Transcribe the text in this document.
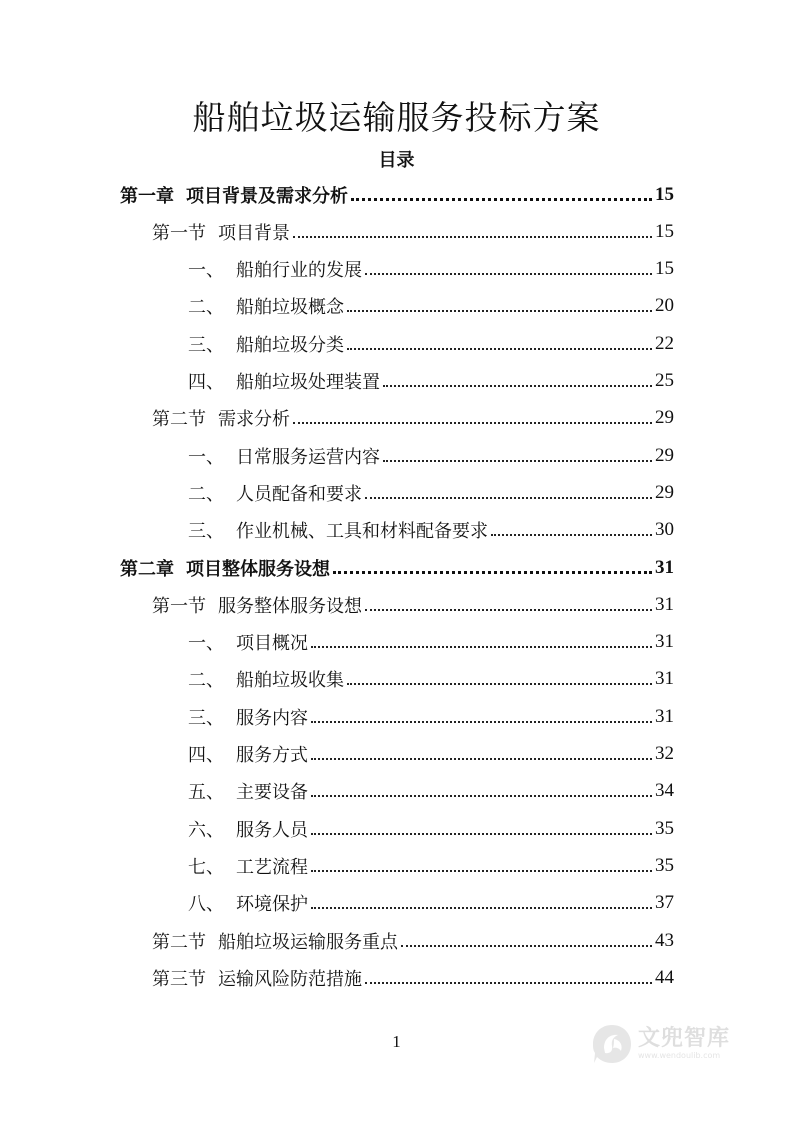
船舶垃圾运输服务投标方案
目录
第一章 项目背景及需求分析	15
第一节 项目背景	15
一、 船舶行业的发展	15
二、 船舶垃圾概念	20
三、 船舶垃圾分类	22
四、 船舶垃圾处理装置	25
第二节 需求分析	29
一、 日常服务运营内容	29
二、 人员配备和要求	29
三、 作业机械、工具和材料配备要求	30
第二章 项目整体服务设想	31
第一节 服务整体服务设想	31
一、 项目概况	31
二、 船舶垃圾收集	31
三、 服务内容	31
四、 服务方式	32
五、 主要设备	34
六、 服务人员	35
七、 工艺流程	35
八、 环境保护	37
第二节 船舶垃圾运输服务重点	43
第三节 运输风险防范措施	44
1	文兜智库
www.wendoulib.com
